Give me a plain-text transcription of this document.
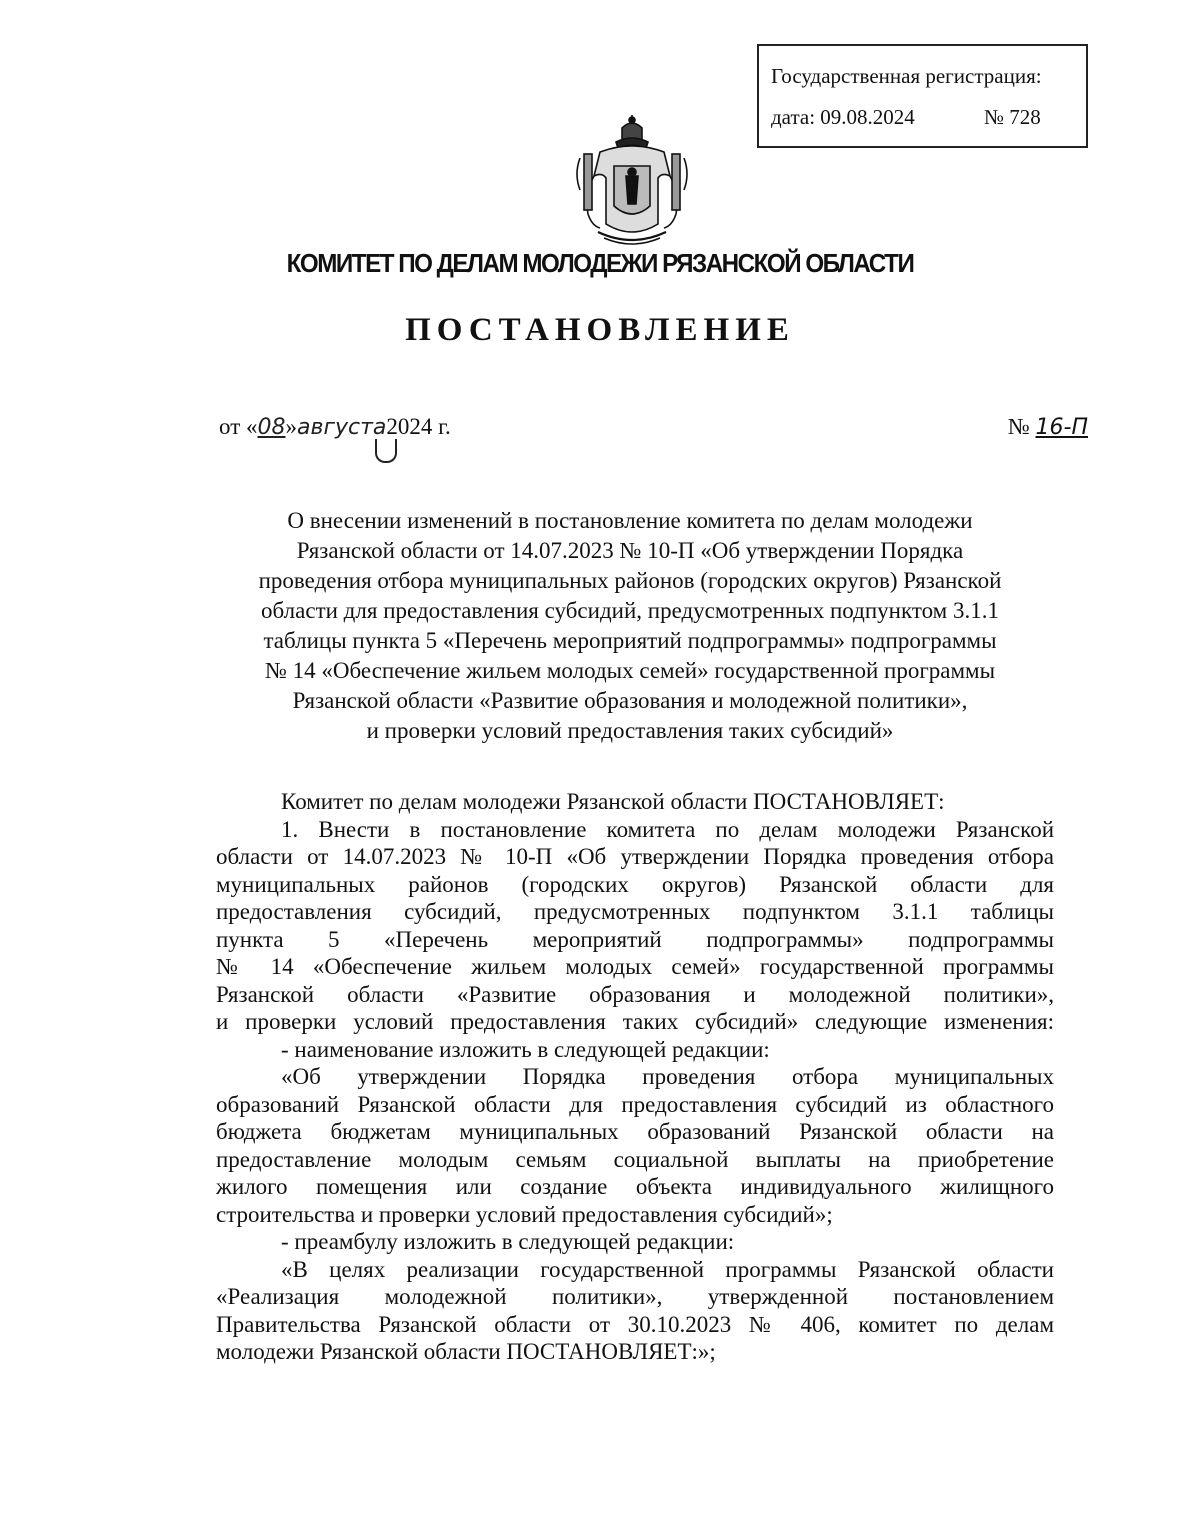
Государственная регистрация:
дата: 09.08.2024	№ 728
КОМИТЕТ ПО ДЕЛАМ МОЛОДЕЖИ РЯЗАНСКОЙ ОБЛАСТИ
ПОСТАНОВЛЕНИЕ
от «08»августа
2024 г.	№ 16-П
О внесении изменений в постановление комитета по делам молодежи
Рязанской области от 14.07.2023 № 10-П «Об утверждении Порядка
проведения отбора муниципальных районов (городских округов) Рязанской
области для предоставления субсидий, предусмотренных подпунктом 3.1.1
таблицы пункта 5 «Перечень мероприятий подпрограммы» подпрограммы
№ 14 «Обеспечение жильем молодых семей» государственной программы
Рязанской области «Развитие образования и молодежной политики»,
и проверки условий предоставления таких субсидий»

Комитет по делам молодежи Рязанской области ПОСТАНОВЛЯЕТ:

1. Внести в постановление комитета по делам молодежи Рязанской

области от 14.07.2023 № 10-П «Об утверждении Порядка проведения отбора

муниципальных районов (городских округов) Рязанской области для

предоставления субсидий, предусмотренных подпунктом 3.1.1 таблицы

пункта 5 «Перечень мероприятий подпрограммы» подпрограммы

№ 14 «Обеспечение жильем молодых семей» государственной программы

Рязанской области «Развитие образования и молодежной политики»,

и проверки условий предоставления таких субсидий» следующие изменения:

- наименование изложить в следующей редакции:

«Об утверждении Порядка проведения отбора муниципальных

образований Рязанской области для предоставления субсидий из областного

бюджета бюджетам муниципальных образований Рязанской области на

предоставление молодым семьям социальной выплаты на приобретение

жилого помещения или создание объекта индивидуального жилищного

строительства и проверки условий предоставления субсидий»;

- преамбулу изложить в следующей редакции:

«В целях реализации государственной программы Рязанской области

«Реализация молодежной политики», утвержденной постановлением

Правительства Рязанской области от 30.10.2023 № 406, комитет по делам

молодежи Рязанской области ПОСТАНОВЛЯЕТ:»;
